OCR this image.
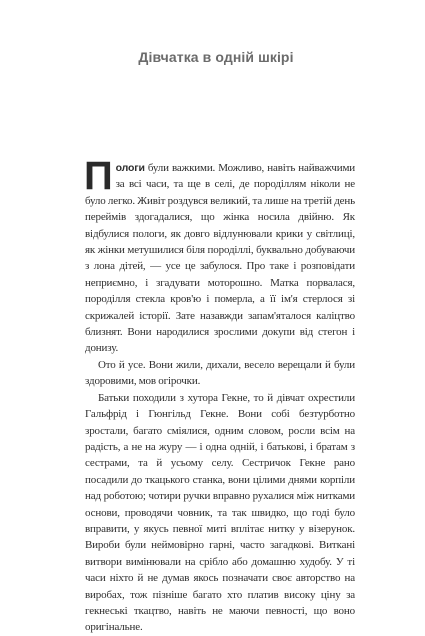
Дівчатка в одній шкірі

Пологи були важкими. Можливо, навіть найважчими за всі часи, та ще в селі, де породіллям ніколи не було легко. Живіт роздувся великий, та лише на третій день переймів здогадалися, що жінка носила двійню. Як відбулися пологи, як довго відлунювали крики у світлиці, як жінки метушилися біля породіллі, буквально добуваючи з лона дітей, — усе це забулося. Про таке і розповідати неприємно, і згадувати моторошно. Матка порвалася, породілля стекла кров'ю і померла, а її ім'я стерлося зі скрижалей історії. Зате назавжди запам'яталося каліцтво близнят. Вони народилися зрослими докупи від стегон і донизу.

Ото й усе. Вони жили, дихали, весело верещали й були здоровими, мов огірочки.

Батьки походили з хутора Гекне, то й дівчат охрестили Гальфрід і Гюнгільд Гекне. Вони собі безтурботно зростали, багато сміялися, одним словом, росли всім на радість, а не на журу — і одна одній, і батькові, і братам з сестрами, та й усьому селу. Сестричок Гекне рано посадили до ткацького станка, вони цілими днями корпіли над роботою; чотири ручки вправно рухалися між нитками основи, проводячи човник, та так швидко, що годі було вправити, у якусь певної миті вплітає нитку у візерунок. Вироби були неймовірно гарні, часто загадкові. Виткані витвори вимінювали на срібло або домашню худобу. У ті часи ніхто й не думав якось позначати своє авторство на виробах, тож пізніше багато хто платив високу ціну за гекнеські ткацтво, навіть не маючи певності, що воно оригінальне.
